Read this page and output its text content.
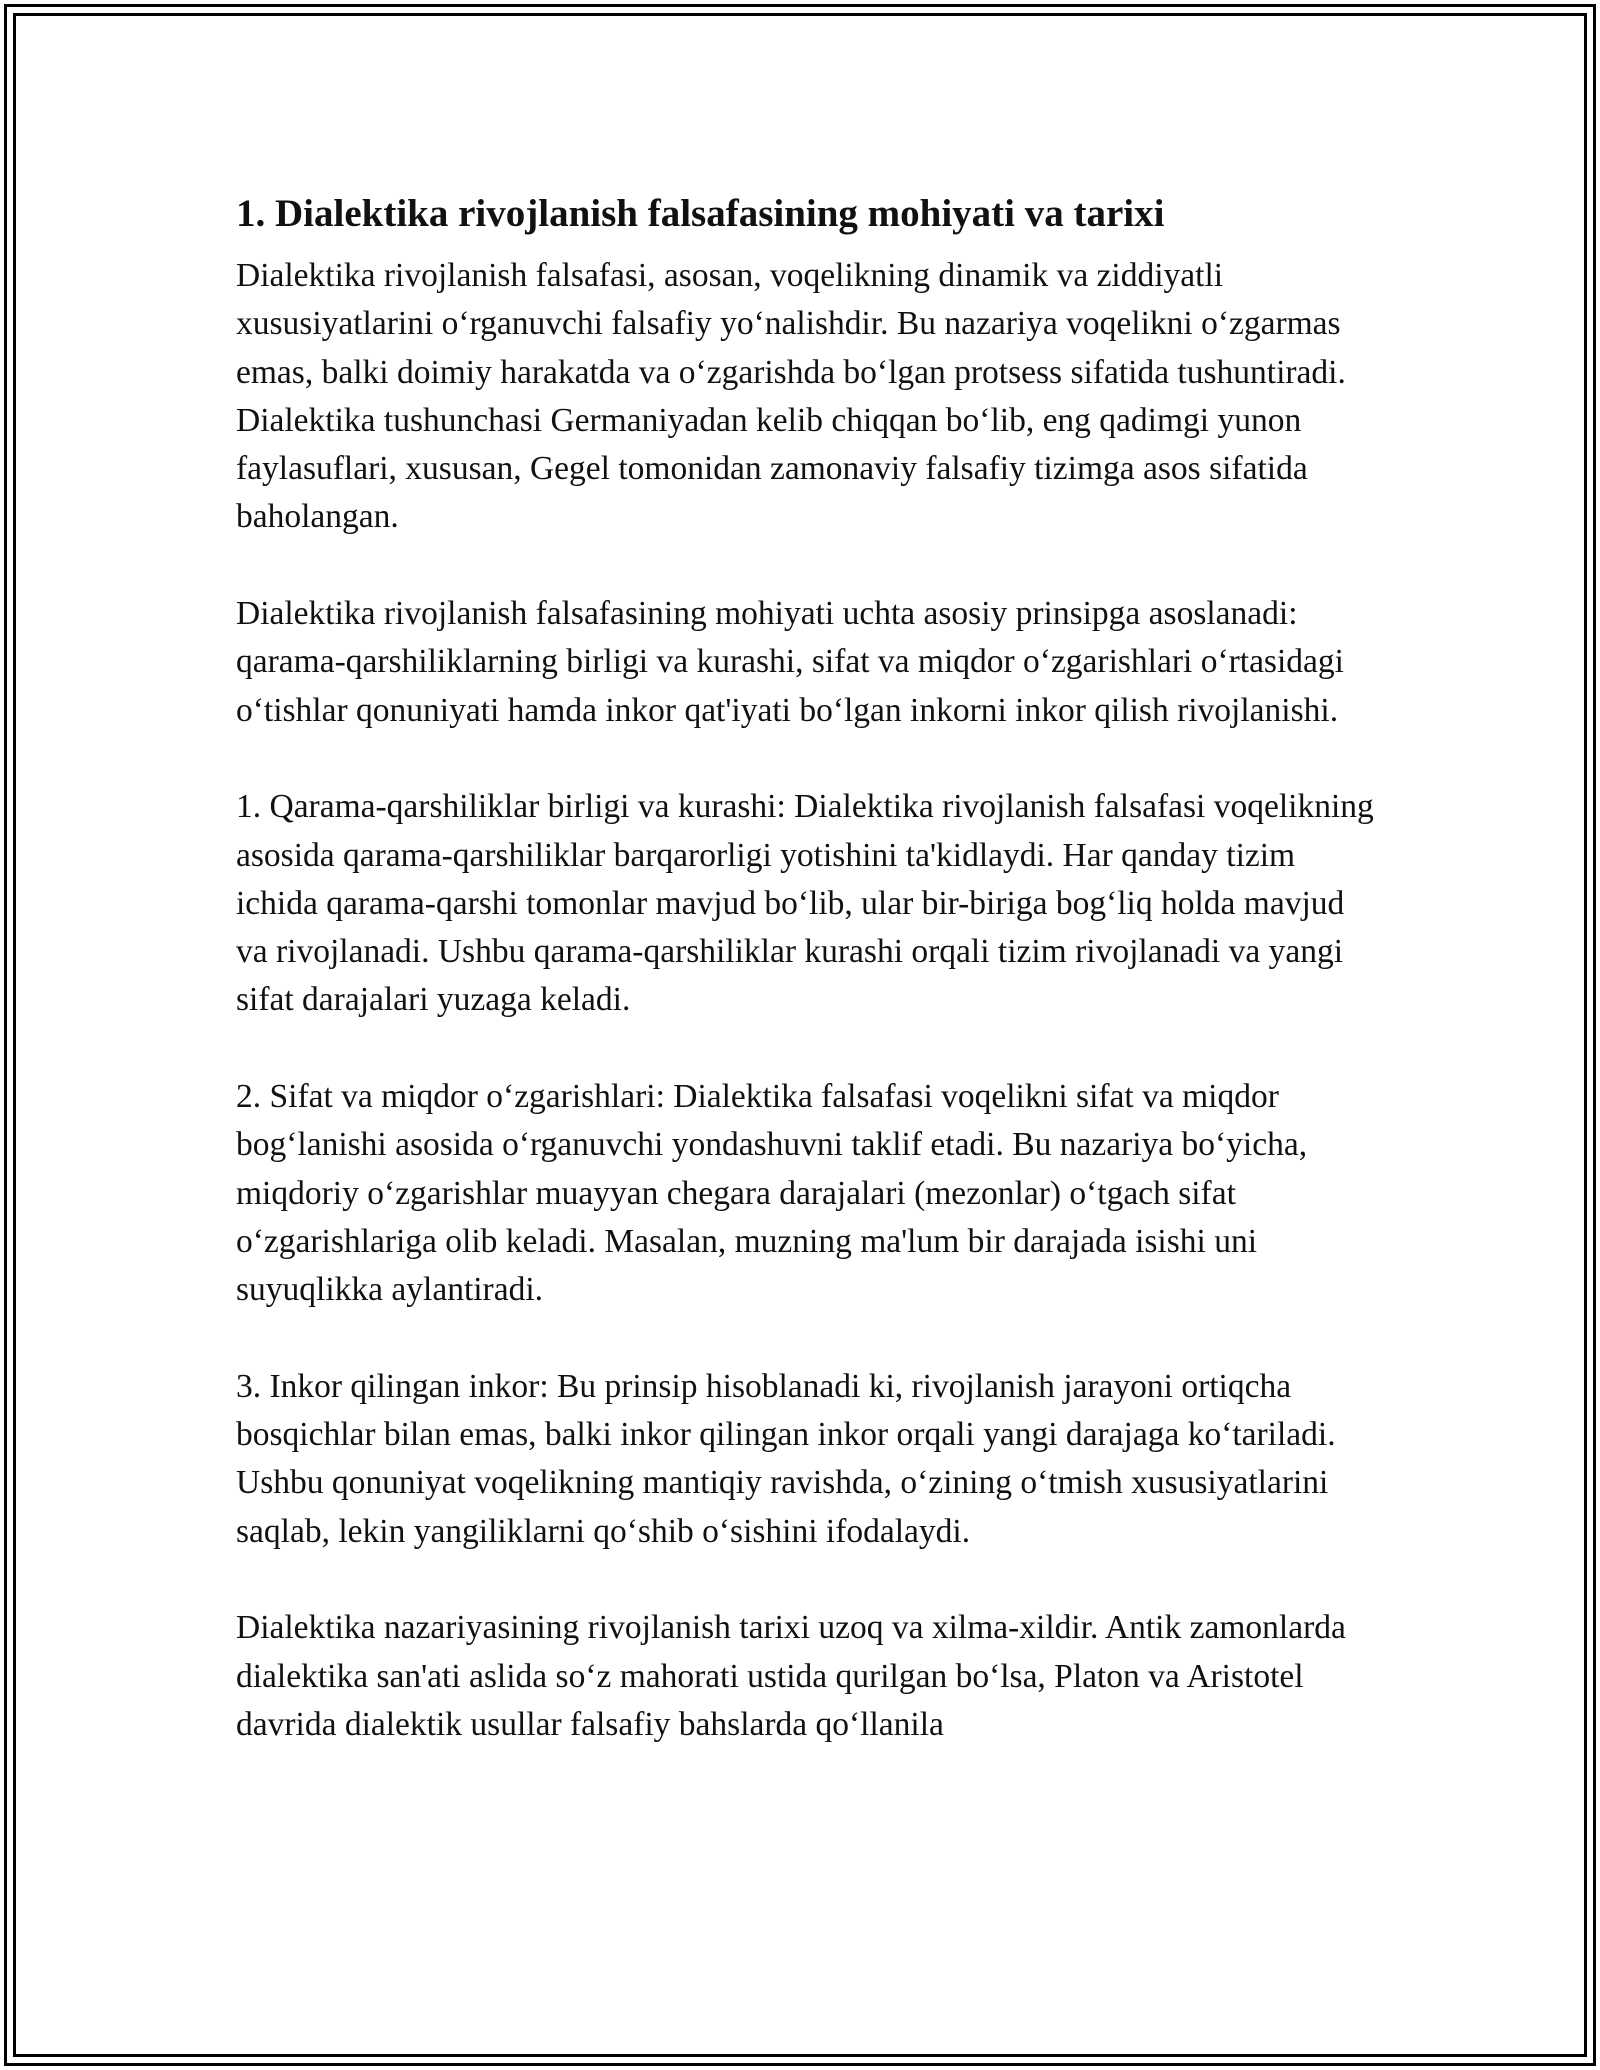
1. Dialektika rivojlanish falsafasining mohiyati va tarixi

Dialektika rivojlanish falsafasi, asosan, voqelikning dinamik va ziddiyatli xususiyatlarini o‘rganuvchi falsafiy yo‘nalishdir. Bu nazariya voqelikni o‘zgarmas emas, balki doimiy harakatda va o‘zgarishda bo‘lgan protsess sifatida tushuntiradi. Dialektika tushunchasi Germaniyadan kelib chiqqan bo‘lib, eng qadimgi yunon faylasuflari, xususan, Gegel tomonidan zamonaviy falsafiy tizimga asos sifatida baholangan.

Dialektika rivojlanish falsafasining mohiyati uchta asosiy prinsipga asoslanadi: qarama-qarshiliklarning birligi va kurashi, sifat va miqdor o‘zgarishlari o‘rtasidagi o‘tishlar qonuniyati hamda inkor qat'iyati bo‘lgan inkorni inkor qilish rivojlanishi.

1. Qarama-qarshiliklar birligi va kurashi: Dialektika rivojlanish falsafasi voqelikning asosida qarama-qarshiliklar barqarorligi yotishini ta'kidlaydi. Har qanday tizim ichida qarama-qarshi tomonlar mavjud bo‘lib, ular bir-biriga bog‘liq holda mavjud va rivojlanadi. Ushbu qarama-qarshiliklar kurashi orqali tizim rivojlanadi va yangi sifat darajalari yuzaga keladi.

2. Sifat va miqdor o‘zgarishlari: Dialektika falsafasi voqelikni sifat va miqdor bog‘lanishi asosida o‘rganuvchi yondashuvni taklif etadi. Bu nazariya bo‘yicha, miqdoriy o‘zgarishlar muayyan chegara darajalari (mezonlar) o‘tgach sifat o‘zgarishlariga olib keladi. Masalan, muzning ma'lum bir darajada isishi uni suyuqlikka aylantiradi.

3. Inkor qilingan inkor: Bu prinsip hisoblanadi ki, rivojlanish jarayoni ortiqcha bosqichlar bilan emas, balki inkor qilingan inkor orqali yangi darajaga ko‘tariladi. Ushbu qonuniyat voqelikning mantiqiy ravishda, o‘zining o‘tmish xususiyatlarini saqlab, lekin yangiliklarni qo‘shib o‘sishini ifodalaydi.

Dialektika nazariyasining rivojlanish tarixi uzoq va xilma-xildir. Antik zamonlarda dialektika san'ati aslida so‘z mahorati ustida qurilgan bo‘lsa, Platon va Aristotel davrida dialektik usullar falsafiy bahslarda qo‘llanila
